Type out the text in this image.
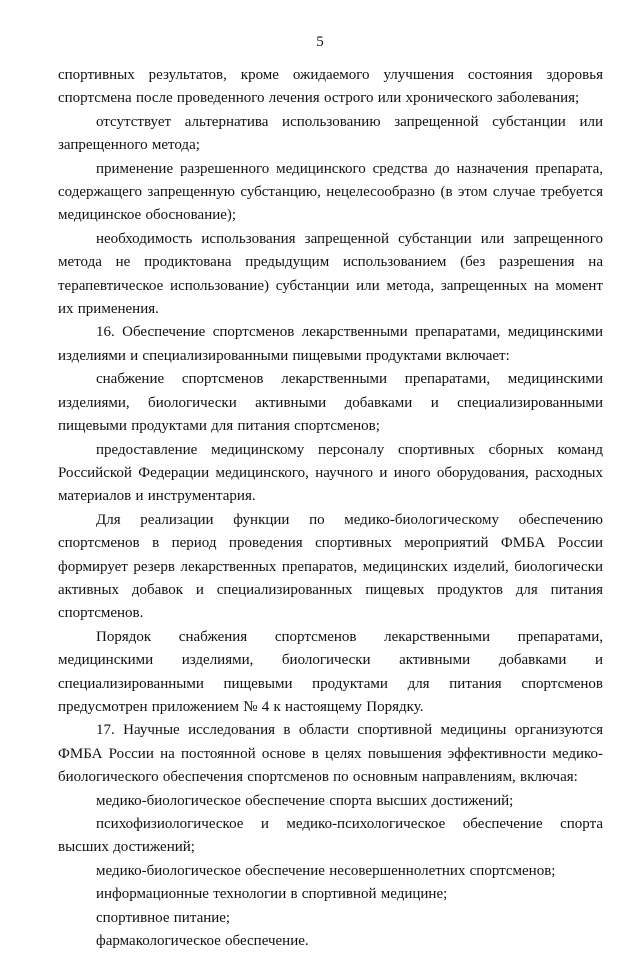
5

спортивных результатов, кроме ожидаемого улучшения состояния здоровья спортсмена после проведенного лечения острого или хронического заболевания;

отсутствует альтернатива использованию запрещенной субстанции или запрещенного метода;

применение разрешенного медицинского средства до назначения препарата, содержащего запрещенную субстанцию, нецелесообразно (в этом случае требуется медицинское обоснование);

необходимость использования запрещенной субстанции или запрещенного метода не продиктована предыдущим использованием (без разрешения на терапевтическое использование) субстанции или метода, запрещенных на момент их применения.

16. Обеспечение спортсменов лекарственными препаратами, медицинскими изделиями и специализированными пищевыми продуктами включает:

снабжение спортсменов лекарственными препаратами, медицинскими изделиями, биологически активными добавками и специализированными пищевыми продуктами для питания спортсменов;

предоставление медицинскому персоналу спортивных сборных команд Российской Федерации медицинского, научного и иного оборудования, расходных материалов и инструментария.

Для реализации функции по медико-биологическому обеспечению спортсменов в период проведения спортивных мероприятий ФМБА России формирует резерв лекарственных препаратов, медицинских изделий, биологически активных добавок и специализированных пищевых продуктов для питания спортсменов.

Порядок снабжения спортсменов лекарственными препаратами, медицинскими изделиями, биологически активными добавками и специализированными пищевыми продуктами для питания спортсменов предусмотрен приложением № 4 к настоящему Порядку.

17. Научные исследования в области спортивной медицины организуются ФМБА России на постоянной основе в целях повышения эффективности медико-биологического обеспечения спортсменов по основным направлениям, включая:

медико-биологическое обеспечение спорта высших достижений;

психофизиологическое и медико-психологическое обеспечение спорта высших достижений;

медико-биологическое обеспечение несовершеннолетних спортсменов;

информационные технологии в спортивной медицине;

спортивное питание;

фармакологическое обеспечение.
